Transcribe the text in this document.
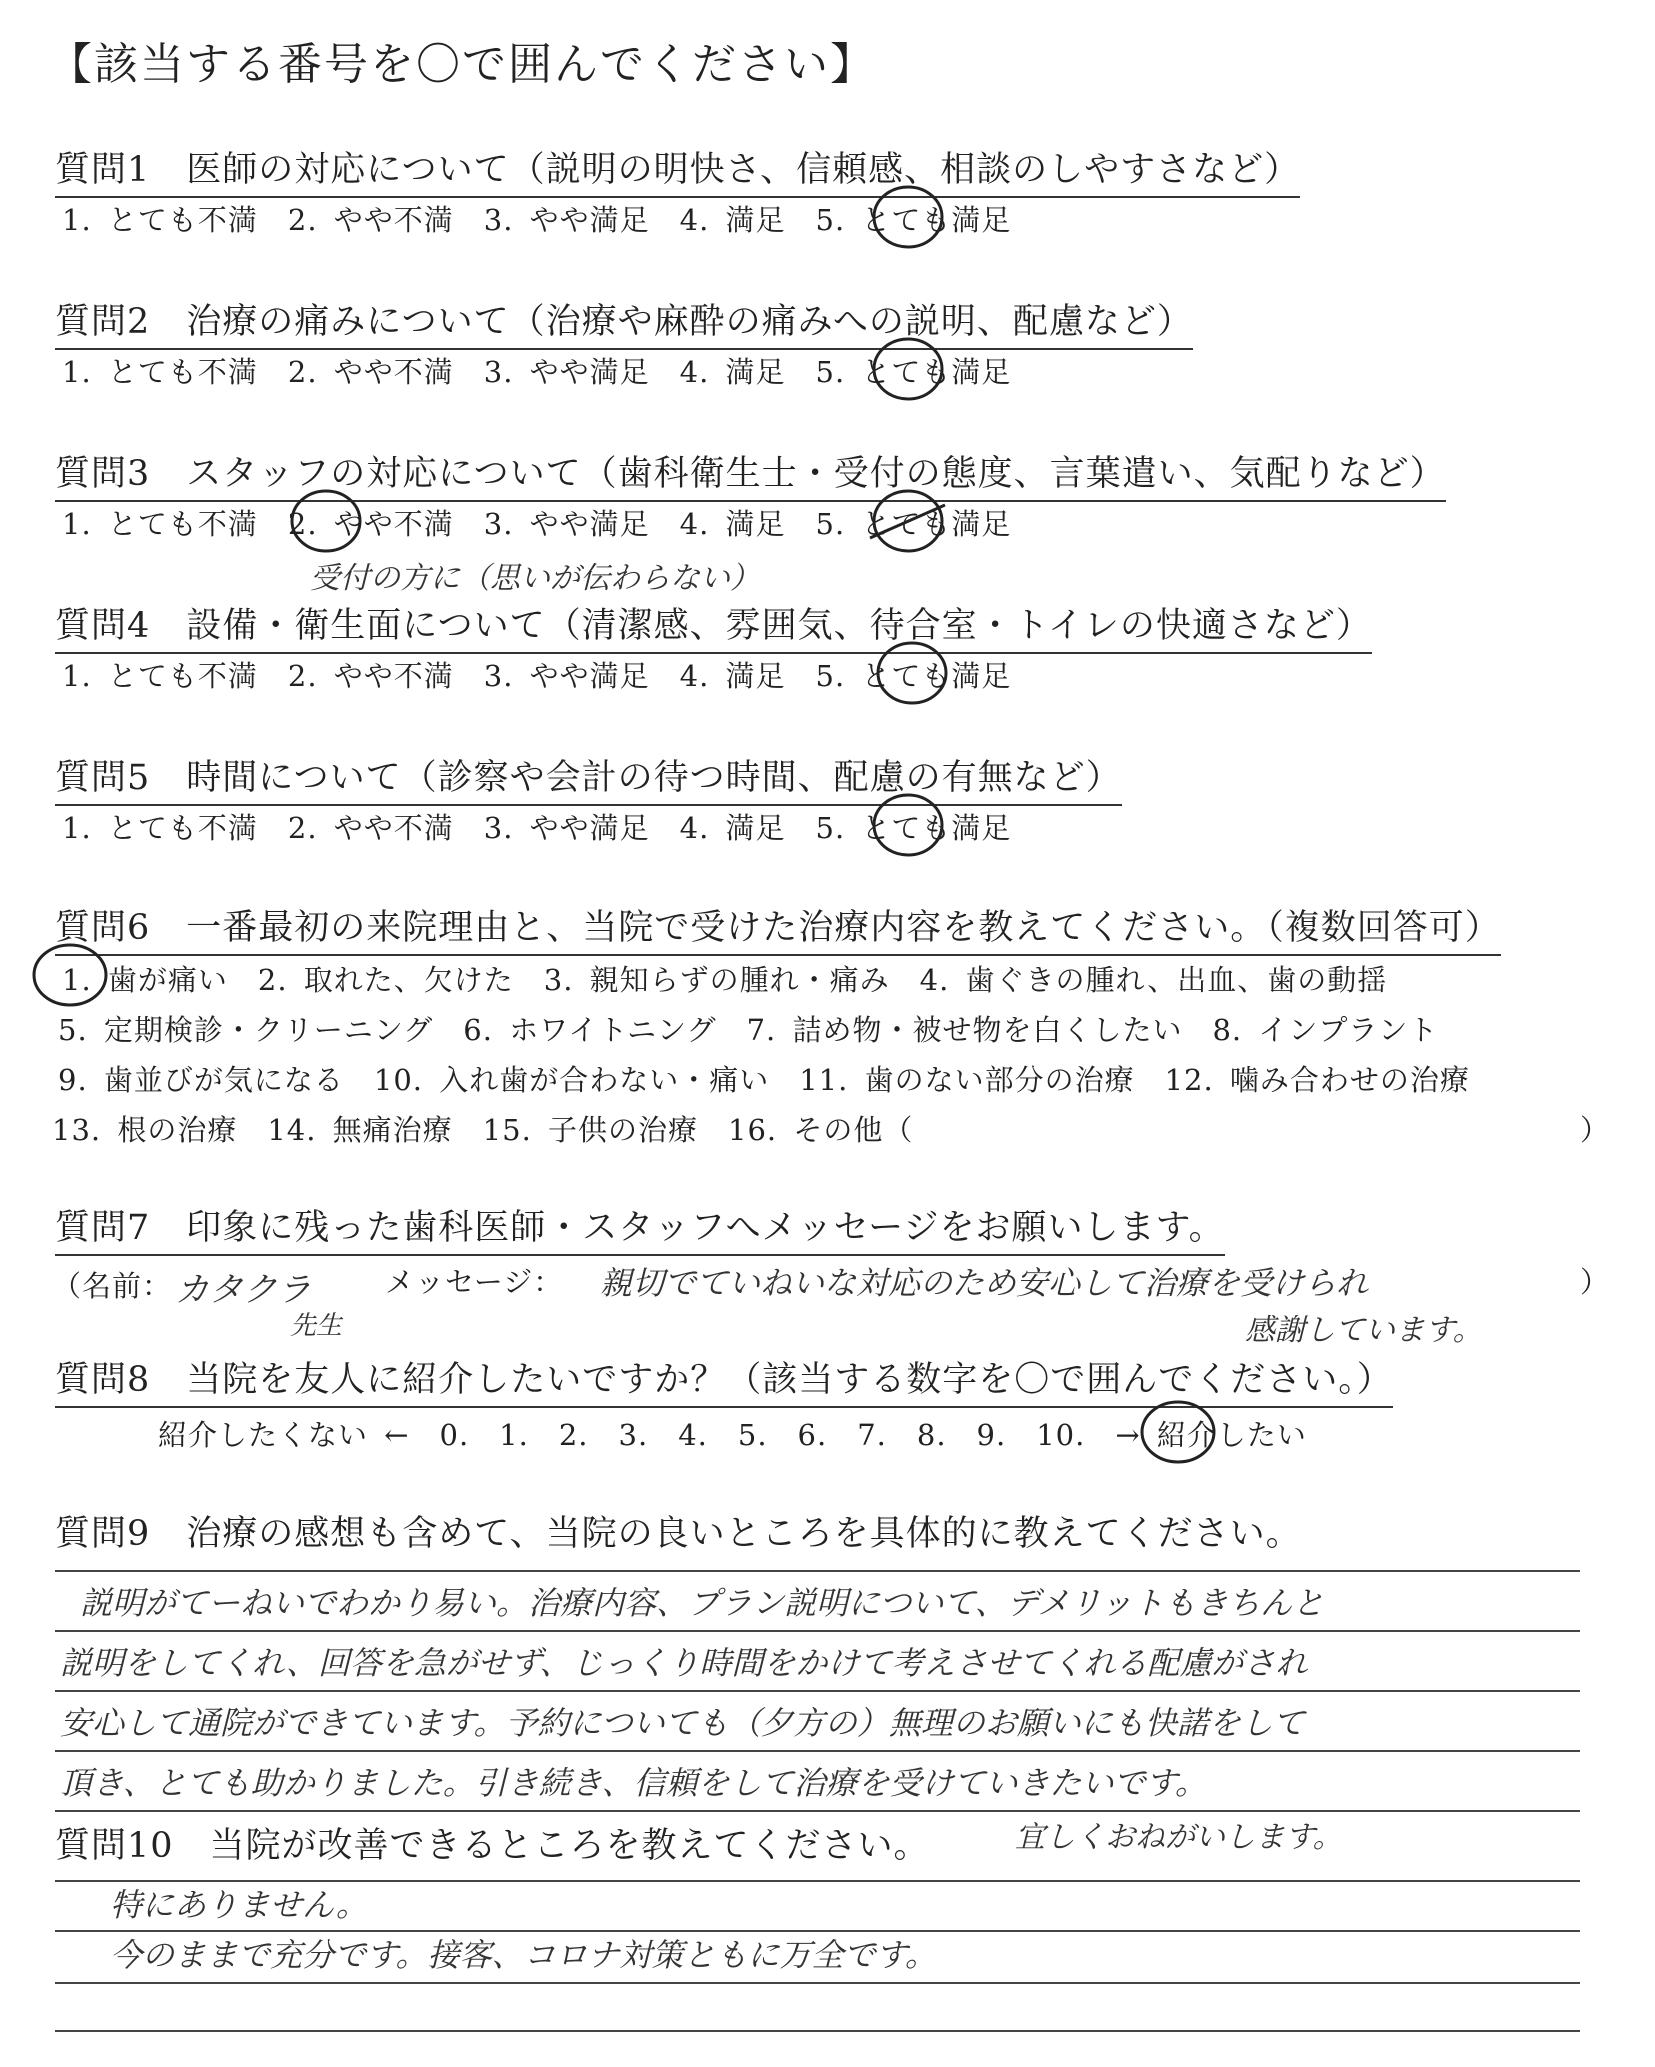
【該当する番号を〇で囲んでください】
質問1　医師の対応について（説明の明快さ、信頼感、相談のしやすさなど）
1. とても不満　2. やや不満　3. やや満足　4. 満足　5. とても満足
質問2　治療の痛みについて（治療や麻酔の痛みへの説明、配慮など）
1. とても不満　2. やや不満　3. やや満足　4. 満足　5. とても満足
質問3　スタッフの対応について（歯科衛生士・受付の態度、言葉遣い、気配りなど）
1. とても不満　2. やや不満　3. やや満足　4. 満足　5. とても満足
受付の方に（思いが伝わらない）
質問4　設備・衛生面について（清潔感、雰囲気、待合室・トイレの快適さなど）
1. とても不満　2. やや不満　3. やや満足　4. 満足　5. とても満足
質問5　時間について（診察や会計の待つ時間、配慮の有無など）
1. とても不満　2. やや不満　3. やや満足　4. 満足　5. とても満足
質問6　一番最初の来院理由と、当院で受けた治療内容を教えてください。（複数回答可）
1. 歯が痛い　2. 取れた、欠けた　3. 親知らずの腫れ・痛み　4. 歯ぐきの腫れ、出血、歯の動揺
5. 定期検診・クリーニング　6. ホワイトニング　7. 詰め物・被せ物を白くしたい　8. インプラント
9. 歯並びが気になる　10. 入れ歯が合わない・痛い　11. 歯のない部分の治療　12. 噛み合わせの治療
13. 根の治療　14. 無痛治療　15. 子供の治療　16. その他（	）
質問7　印象に残った歯科医師・スタッフへメッセージをお願いします。
（名前： カタクラ
先生
メッセージ： 親切でていねいな対応のため安心して治療を受けられ
感謝しています。
）
質問8　当院を友人に紹介したいですか？（該当する数字を〇で囲んでください。）
紹介したくない ←　0.　1.　2.　3.　4.　5.　6.　7.　8.　9.　10.　→ 紹介したい
質問9　治療の感想も含めて、当院の良いところを具体的に教えてください。
説明がてーねいでわかり易い。治療内容、プラン説明について、デメリットもきちんと
説明をしてくれ、回答を急がせず、じっくり時間をかけて考えさせてくれる配慮がされ
安心して通院ができています。予約についても（夕方の）無理のお願いにも快諾をして
頂き、とても助かりました。引き続き、信頼をして治療を受けていきたいです。
宜しくおねがいします。
質問10　当院が改善できるところを教えてください。
特にありません。
今のままで充分です。接客、コロナ対策ともに万全です。
